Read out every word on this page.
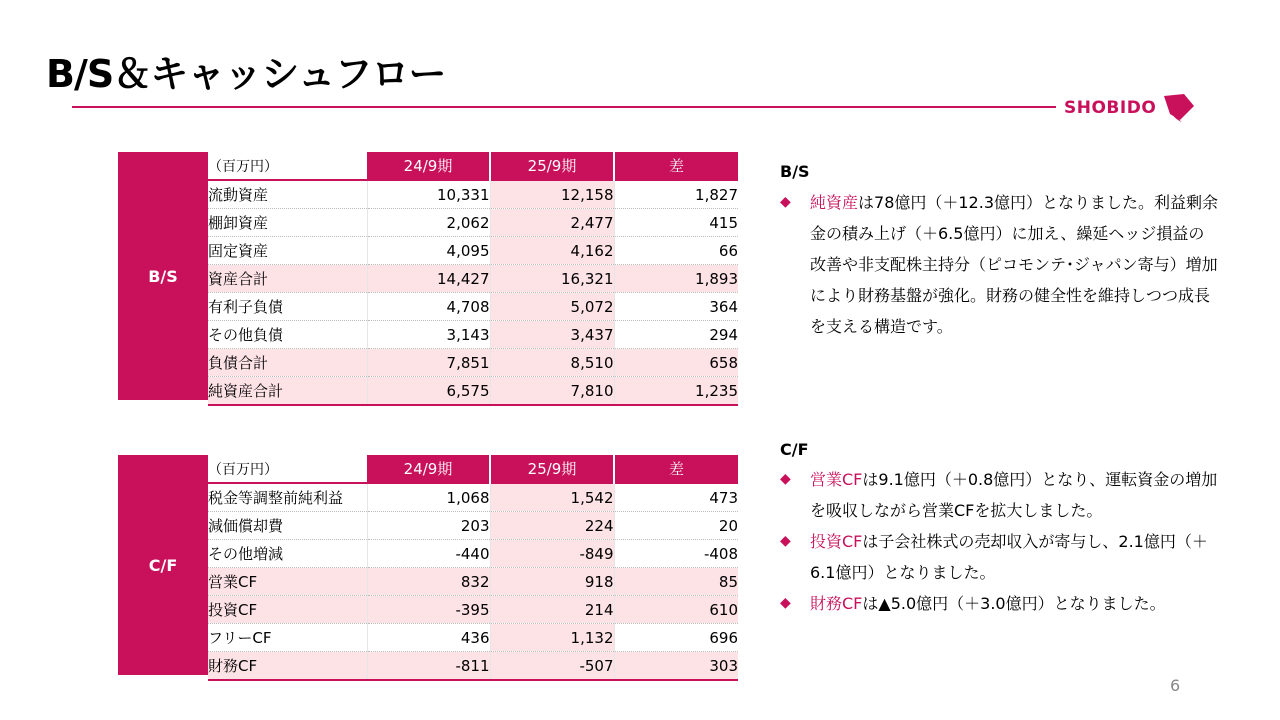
B/S＆キャッシュフロー
SHOBIDO
B/S
（百万円）	24/9期	25/9期	差
流動資産	10,331	12,158	1,827
棚卸資産	2,062	2,477	415
固定資産	4,095	4,162	66
資産合計	14,427	16,321	1,893
有利子負債	4,708	5,072	364
その他負債	3,143	3,437	294
負債合計	7,851	8,510	658
純資産合計	6,575	7,810	1,235
C/F
（百万円）	24/9期	25/9期	差
税金等調整前純利益	1,068	1,542	473
減価償却費	203	224	20
その他増減	-440	-849	-408
営業CF	832	918	85
投資CF	-395	214	610
フリーCF	436	1,132	696
財務CF	-811	-507	303
B/S
◆ 純資産は78億円（＋12.3億円）となりました。利益剰余金の積み上げ（＋6.5億円）に加え、繰延ヘッジ損益の改善や非支配株主持分（ピコモンテ･ジャパン寄与）増加により財務基盤が強化。財務の健全性を維持しつつ成長を支える構造です。
C/F
◆ 営業CFは9.1億円（＋0.8億円）となり、運転資金の増加を吸収しながら営業CFを拡大しました。
◆ 投資CFは子会社株式の売却収入が寄与し、2.1億円（＋6.1億円）となりました。
◆ 財務CFは▲5.0億円（＋3.0億円）となりました。
6
